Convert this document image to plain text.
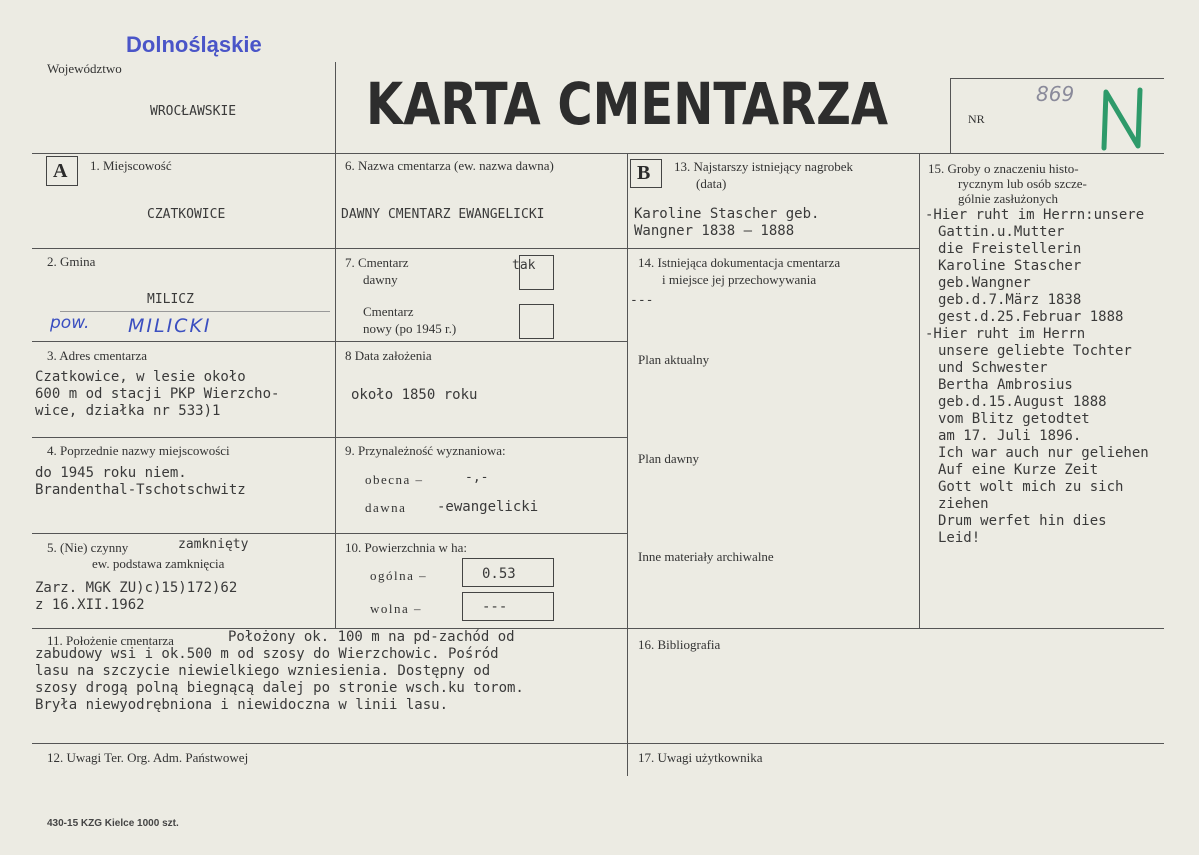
Dolnośląskie
Województwo
WROCŁAWSKIE KARTA CMENTARZA	NR
869
A 1. Miejscowość
CZATKOWICE
2. Gmina
MILICZ
pow. MILICKI
3. Adres cmentarza
Czatkowice, w lesie około
600 m od stacji PKP Wierzcho-
wice, działka nr 533)1
4. Poprzednie nazwy miejscowości
do 1945 roku niem.
Brandenthal-Tschotschwitz
5. (Nie) czynny	zamknięty
ew. podstawa zamknięcia
Zarz. MGK ZU)c)15)172)62
z 16.XII.1962
6. Nazwa cmentarza (ew. nazwa dawna)
DAWNY CMENTARZ EWANGELICKI
7. Cmentarz
dawny
tak
Cmentarz
nowy (po 1945 r.)
8 Data założenia
około 1850 roku
9. Przynależność wyznaniowa:
obecna –	-,-
dawna -ewangelicki
10. Powierzchnia w ha:
ogólna –	0.53
wolna –	---
B 13. Najstarszy istniejący nagrobek
(data)
Karoline Stascher geb.
Wangner 1838 – 1888
14. Istniejąca dokumentacja cmentarza
i miejsce jej przechowywania
---
Plan aktualny
Plan dawny
Inne materiały archiwalne
15. Groby o znaczeniu histo-
rycznym lub osób szcze-
gólnie zasłużonych
-Hier ruht im Herrn:unsere
Gattin.u.Mutter
die Freistellerin
Karoline Stascher
geb.Wangner
geb.d.7.März 1838
gest.d.25.Februar 1888
-Hier ruht im Herrn
unsere geliebte Tochter
und Schwester
Bertha Ambrosius
geb.d.15.August 1888
vom Blitz getodtet
am 17. Juli 1896.
Ich war auch nur geliehen
Auf eine Kurze Zeit
Gott wolt mich zu sich
ziehen
Drum werfet hin dies
Leid!
11. Położenie cmentarza	Położony ok. 100 m na pd-zachód od
zabudowy wsi i ok.500 m od szosy do Wierzchowic. Pośród
lasu na szczycie niewielkiego wzniesienia. Dostępny od
szosy drogą polną biegnącą dalej po stronie wsch.ku torom.
Bryła niewyodrębniona i niewidoczna w linii lasu.
16. Bibliografia
12. Uwagi Ter. Org. Adm. Państwowej	17. Uwagi użytkownika
430-15 KZG Kielce 1000 szt.
